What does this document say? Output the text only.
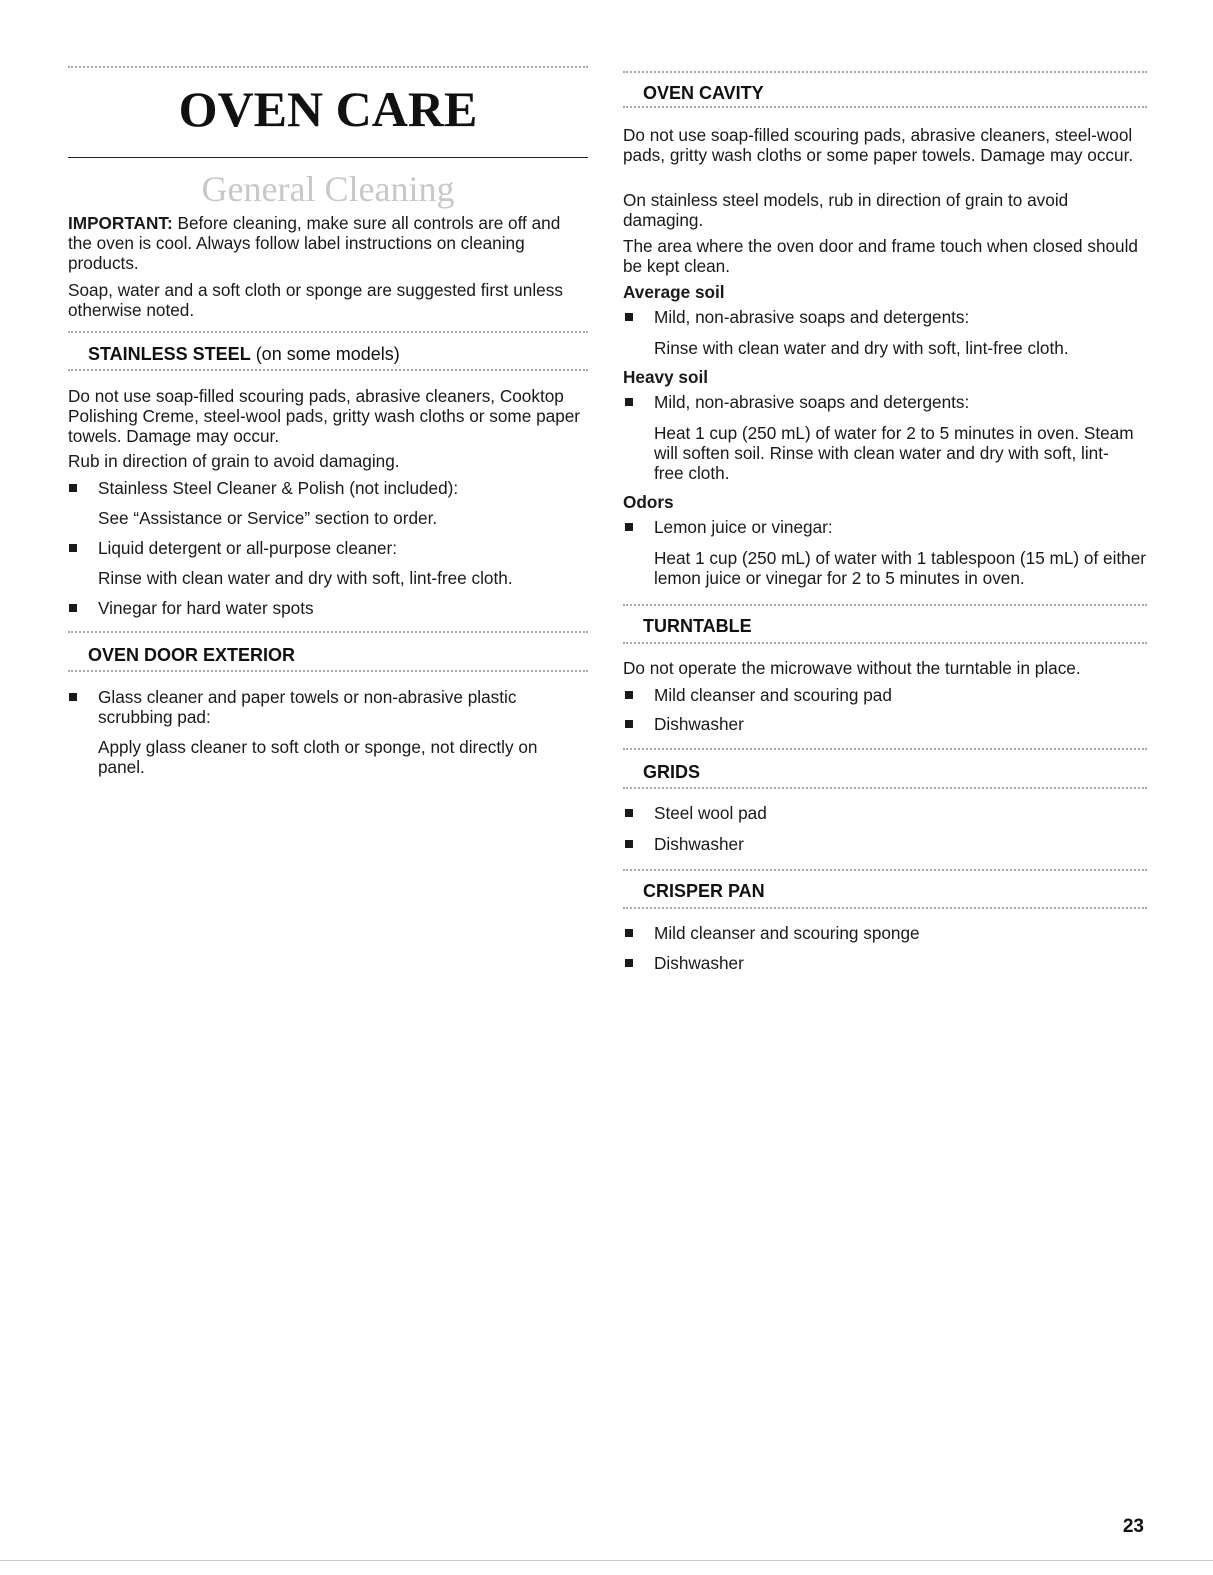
OVEN CARE
General Cleaning

IMPORTANT: Before cleaning, make sure all controls are off and the oven is cool. Always follow label instructions on cleaning products.

Soap, water and a soft cloth or sponge are suggested first unless otherwise noted.

STAINLESS STEEL (on some models)

Do not use soap-filled scouring pads, abrasive cleaners, Cooktop Polishing Creme, steel-wool pads, gritty wash cloths or some paper towels. Damage may occur.

Rub in direction of grain to avoid damaging.

Stainless Steel Cleaner & Polish (not included):

See “Assistance or Service” section to order.

Liquid detergent or all-purpose cleaner:

Rinse with clean water and dry with soft, lint-free cloth.

Vinegar for hard water spots
OVEN DOOR EXTERIOR
Glass cleaner and paper towels or non-abrasive plastic scrubbing pad:

Apply glass cleaner to soft cloth or sponge, not directly on panel.

OVEN CAVITY

Do not use soap-filled scouring pads, abrasive cleaners, steel-wool pads, gritty wash cloths or some paper towels. Damage may occur.

On stainless steel models, rub in direction of grain to avoid damaging.

The area where the oven door and frame touch when closed should be kept clean.

Average soil

Mild, non-abrasive soaps and detergents:

Rinse with clean water and dry with soft, lint-free cloth.

Heavy soil

Mild, non-abrasive soaps and detergents:

Heat 1 cup (250 mL) of water for 2 to 5 minutes in oven. Steam will soften soil. Rinse with clean water and dry with soft, lint-free cloth.

Odors

Lemon juice or vinegar:

Heat 1 cup (250 mL) of water with 1 tablespoon (15 mL) of either lemon juice or vinegar for 2 to 5 minutes in oven.

TURNTABLE

Do not operate the microwave without the turntable in place.

Mild cleanser and scouring pad
Dishwasher
GRIDS
Steel wool pad
Dishwasher
CRISPER PAN
Mild cleanser and scouring sponge
Dishwasher
23
